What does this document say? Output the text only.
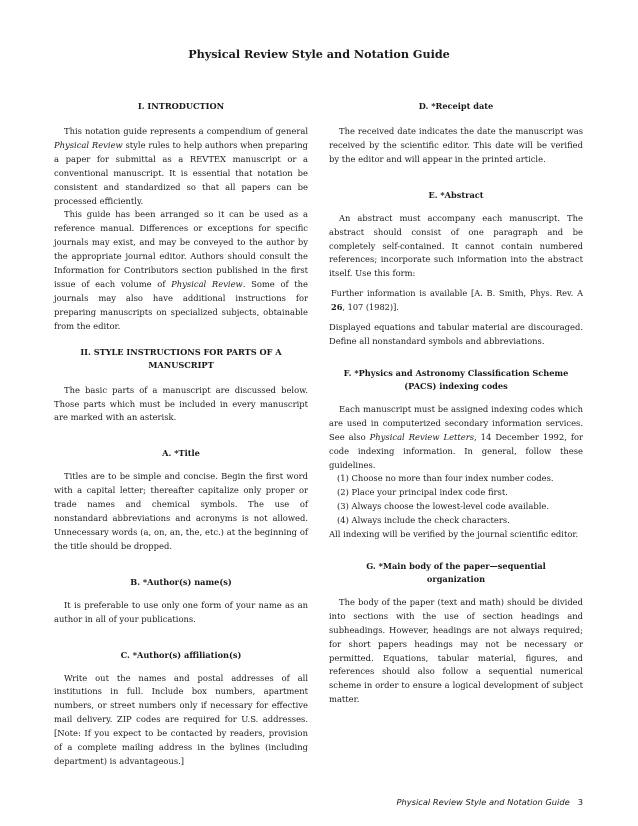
Physical Review Style and Notation Guide
I. INTRODUCTION

This notation guide represents a compendium of general Physical Review style rules to help authors when preparing a paper for submittal as a REVTEX manuscript or a conventional manuscript. It is essential that notation be consistent and standardized so that all papers can be processed efficiently.

This guide has been arranged so it can be used as a reference manual. Differences or exceptions for specific journals may exist, and may be conveyed to the author by the appropriate journal editor. Authors should consult the Information for Contributors section published in the first issue of each volume of Physical Review. Some of the journals may also have additional instructions for preparing manuscripts on specialized subjects, obtainable from the editor.

II. STYLE INSTRUCTIONS FOR PARTS OF A MANUSCRIPT

The basic parts of a manuscript are discussed below. Those parts which must be included in every manuscript are marked with an asterisk.

A. *Title

Titles are to be simple and concise. Begin the first word with a capital letter; thereafter capitalize only proper or trade names and chemical symbols. The use of nonstandard abbreviations and acronyms is not allowed. Unnecessary words (a, on, an, the, etc.) at the beginning of the title should be dropped.

B. *Author(s) name(s)

It is preferable to use only one form of your name as an author in all of your publications.

C. *Author(s) affiliation(s)

Write out the names and postal addresses of all institutions in full. Include box numbers, apartment numbers, or street numbers only if necessary for effective mail delivery. ZIP codes are required for U.S. addresses. [Note: If you expect to be contacted by readers, provision of a complete mailing address in the bylines (including department) is advantageous.]

D. *Receipt date

The received date indicates the date the manuscript was received by the scientific editor. This date will be verified by the editor and will appear in the printed article.

E. *Abstract

An abstract must accompany each manuscript. The abstract should consist of one paragraph and be completely self-contained. It cannot contain numbered references; incorporate such information into the abstract itself. Use this form:

Further information is available [A. B. Smith, Phys. Rev. A 26, 107 (1982)].

Displayed equations and tabular material are discouraged. Define all nonstandard symbols and abbreviations.

F. *Physics and Astronomy Classification Scheme (PACS) indexing codes

Each manuscript must be assigned indexing codes which are used in computerized secondary information services. See also Physical Review Letters, 14 December 1992, for code indexing information. In general, follow these guidelines.

(1) Choose no more than four index number codes.
(2) Place your principal index code first.
(3) Always choose the lowest-level code available.
(4) Always include the check characters.

All indexing will be verified by the journal scientific editor.

G. *Main body of the paper—sequential organization

The body of the paper (text and math) should be divided into sections with the use of section headings and subheadings. However, headings are not always required; for short papers headings may not be necessary or permitted. Equations, tabular material, figures, and references should also follow a sequential numerical scheme in order to ensure a logical development of subject matter.

Physical Review Style and Notation Guide 3
